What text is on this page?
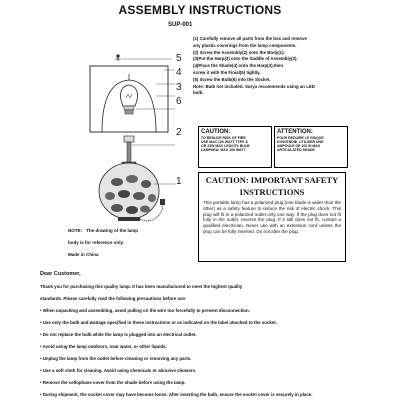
ASSEMBLY INSTRUCTIONS
SUP-001
5
4
3
6
2
1
(1) Carefully remove all parts from the box and remove
any plastic coverings from the lamp components.
(2) Screw the Assembly(2) onto the Body(1).
(3)Put the Harp(3) onto the Saddle of Assembly(2).
(4)Place the Shade(4) onto the Harp(3),then
screw it with the Finial(5) tightly.
(5) Screw the Bulb(6) into the Socket.
Note: Bulb not included. Surya recommends using an LED
bulb.
CAUTION:
TO REDUCE RISK OF FIRE,
USE MAX 100 WATT TYPE A
OR 23W MAX LED/CFL BULB
LAMPARA: MAX 100 WATT
ATTENTION:
POUR REDUIRE LE RISQUE
D'INCENDIE, UTILISER UNE
AMPOULE DE 100 W MAX
ARTICULATED SHADE
CAUTION: IMPORTANT SAFETY
INSTRUCTIONS
This portable lamp has a polarized plug (one blade is wider than the other) as a safety feature to reduce the risk of electric shock. This plug will fit in a polarized outlet only one way. If the plug does not fit fully in the outlet, reverse the plug. If it still does not fit, contact a qualified electrician. Never use with an extension cord unless the plug can be fully inserted. Do not alter the plug.
NOTE： The drawing of the lamp
body is for reference only.
Made in China
Dear Customer,
Thank you for purchasing this quality lamp. It has been manufactured to meet the highest quality
standards. Please carefully read the following precautions before use:
• When unpacking and assembling, avoid pulling on the wire too forcefully to prevent disconnection.
• Use only the bulb and wattage specified in these instructions or as indicated on the label attached to the socket.
• Do not replace the bulb while the lamp is plugged into an electrical outlet.
• Avoid using the lamp outdoors, near water, or other liquids.
• Unplug the lamp from the outlet before cleaning or removing any parts.
• Use a soft cloth for cleaning. Avoid using chemicals or abrasive cleaners.
• Remove the cellophane cover from the shade before using the lamp.
• During shipment, the socket cover may have become loose. After inserting the bulb, ensure the socket cover is securely in place.
